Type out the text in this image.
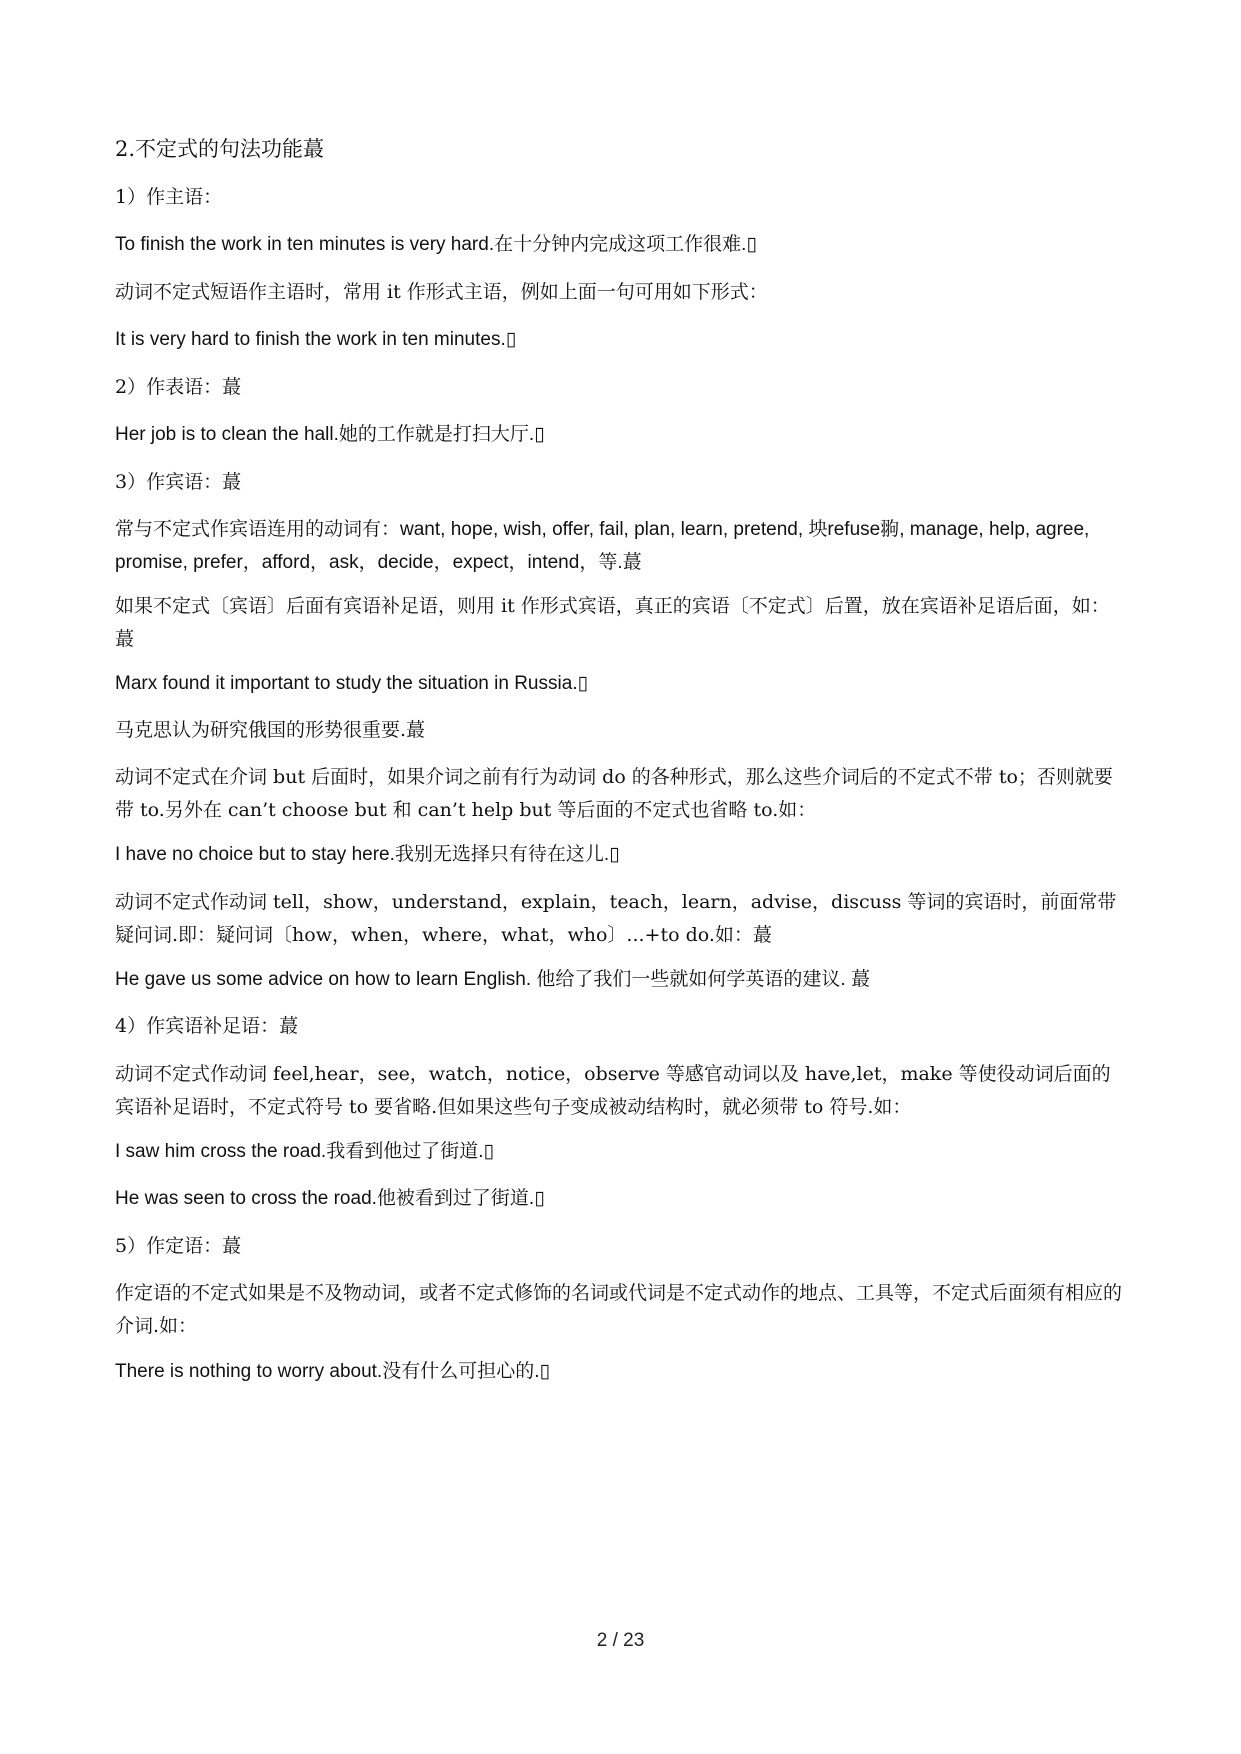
2.不定式的句法功能蕞

1）作主语：

To finish the work in ten minutes is very hard.在十分钟内完成这项工作很难.▯

动词不定式短语作主语时，常用 it 作形式主语，例如上面一句可用如下形式：

It is very hard to finish the work in ten minutes.▯

2）作表语：蕞

Her job is to clean the hall.她的工作就是打扫大厅.▯

3）作宾语：蕞

常与不定式作宾语连用的动词有：want, hope, wish, offer, fail, plan, learn, pretend, 坱refuse翑, manage, help, agree, promise, prefer，afford，ask，decide，expect，intend，等.蕞

如果不定式〔宾语〕后面有宾语补足语，则用 it 作形式宾语，真正的宾语〔不定式〕后置，放在宾语补足语后面，如：蕞

Marx found it important to study the situation in Russia.▯

马克思认为研究俄国的形势很重要.蕞

动词不定式在介词 but 后面时，如果介词之前有行为动词 do 的各种形式，那么这些介词后的不定式不带 to；否则就要带 to.另外在 can’t choose but 和 can’t help but 等后面的不定式也省略 to.如：

I have no choice but to stay here.我别无选择只有待在这儿.▯

动词不定式作动词 tell，show，understand，explain，teach，learn，advise，discuss 等词的宾语时，前面常带疑问词.即：疑问词〔how，when，where，what，who〕...+to do.如：蕞

He gave us some advice on how to learn English. 他给了我们一些就如何学英语的建议. 蕞

4）作宾语补足语：蕞

动词不定式作动词 feel,hear，see，watch，notice，observe 等感官动词以及 have,let，make 等使役动词后面的宾语补足语时，不定式符号 to 要省略.但如果这些句子变成被动结构时，就必须带 to 符号.如：

I saw him cross the road.我看到他过了街道.▯

He was seen to cross the road.他被看到过了街道.▯

5）作定语：蕞

作定语的不定式如果是不及物动词，或者不定式修饰的名词或代词是不定式动作的地点、工具等，不定式后面须有相应的介词.如：

There is nothing to worry about.没有什么可担心的.▯

2 / 23
